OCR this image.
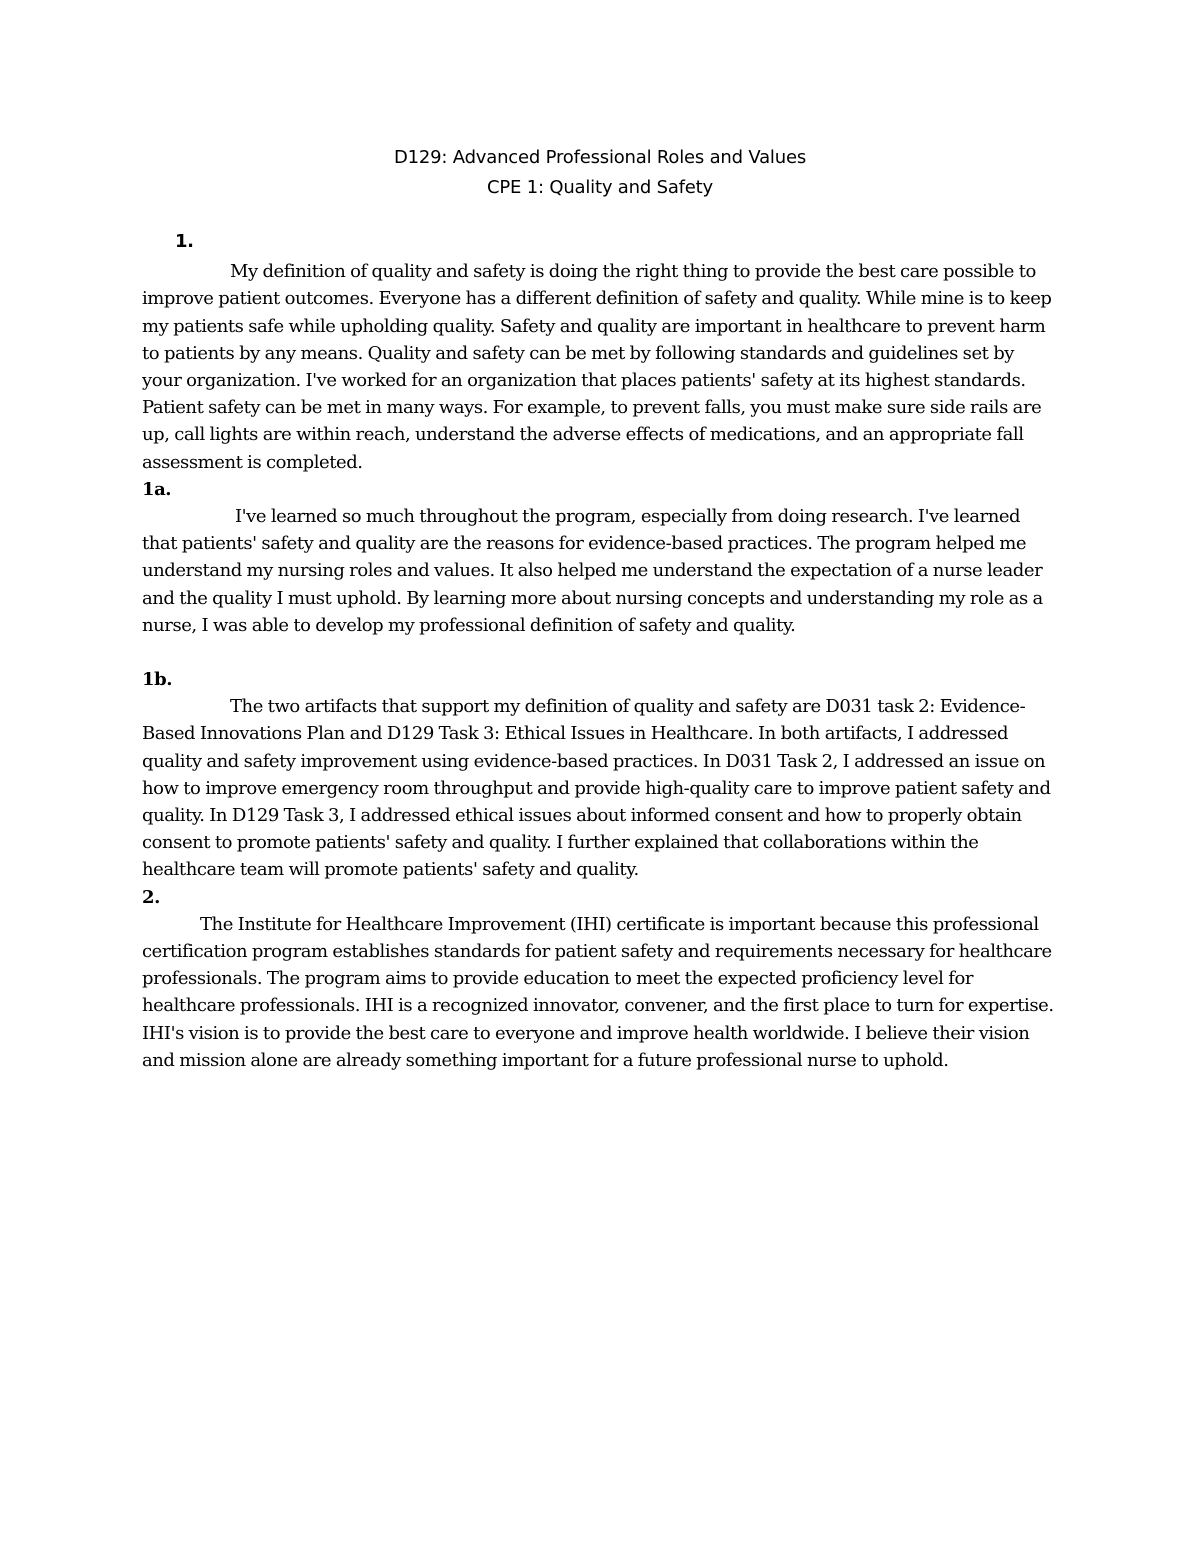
D129: Advanced Professional Roles and Values
CPE 1: Quality and Safety
1.

My definition of quality and safety is doing the right thing to provide the best care possible to improve patient outcomes. Everyone has a different definition of safety and quality. While mine is to keep my patients safe while upholding quality. Safety and quality are important in healthcare to prevent harm to patients by any means. Quality and safety can be met by following standards and guidelines set by your organization. I've worked for an organization that places patients' safety at its highest standards. Patient safety can be met in many ways. For example, to prevent falls, you must make sure side rails are up, call lights are within reach, understand the adverse effects of medications, and an appropriate fall assessment is completed.

1a.

I've learned so much throughout the program, especially from doing research. I've learned that patients' safety and quality are the reasons for evidence-based practices. The program helped me understand my nursing roles and values. It also helped me understand the expectation of a nurse leader and the quality I must uphold. By learning more about nursing concepts and understanding my role as a nurse, I was able to develop my professional definition of safety and quality.

1b.

The two artifacts that support my definition of quality and safety are D031 task 2: Evidence-Based Innovations Plan and D129 Task 3: Ethical Issues in Healthcare. In both artifacts, I addressed quality and safety improvement using evidence-based practices. In D031 Task 2, I addressed an issue on how to improve emergency room throughput and provide high-quality care to improve patient safety and quality. In D129 Task 3, I addressed ethical issues about informed consent and how to properly obtain consent to promote patients' safety and quality. I further explained that collaborations within the healthcare team will promote patients' safety and quality.

2.

The Institute for Healthcare Improvement (IHI) certificate is important because this professional certification program establishes standards for patient safety and requirements necessary for healthcare professionals. The program aims to provide education to meet the expected proficiency level for healthcare professionals. IHI is a recognized innovator, convener, and the first place to turn for expertise. IHI's vision is to provide the best care to everyone and improve health worldwide. I believe their vision and mission alone are already something important for a future professional nurse to uphold.
